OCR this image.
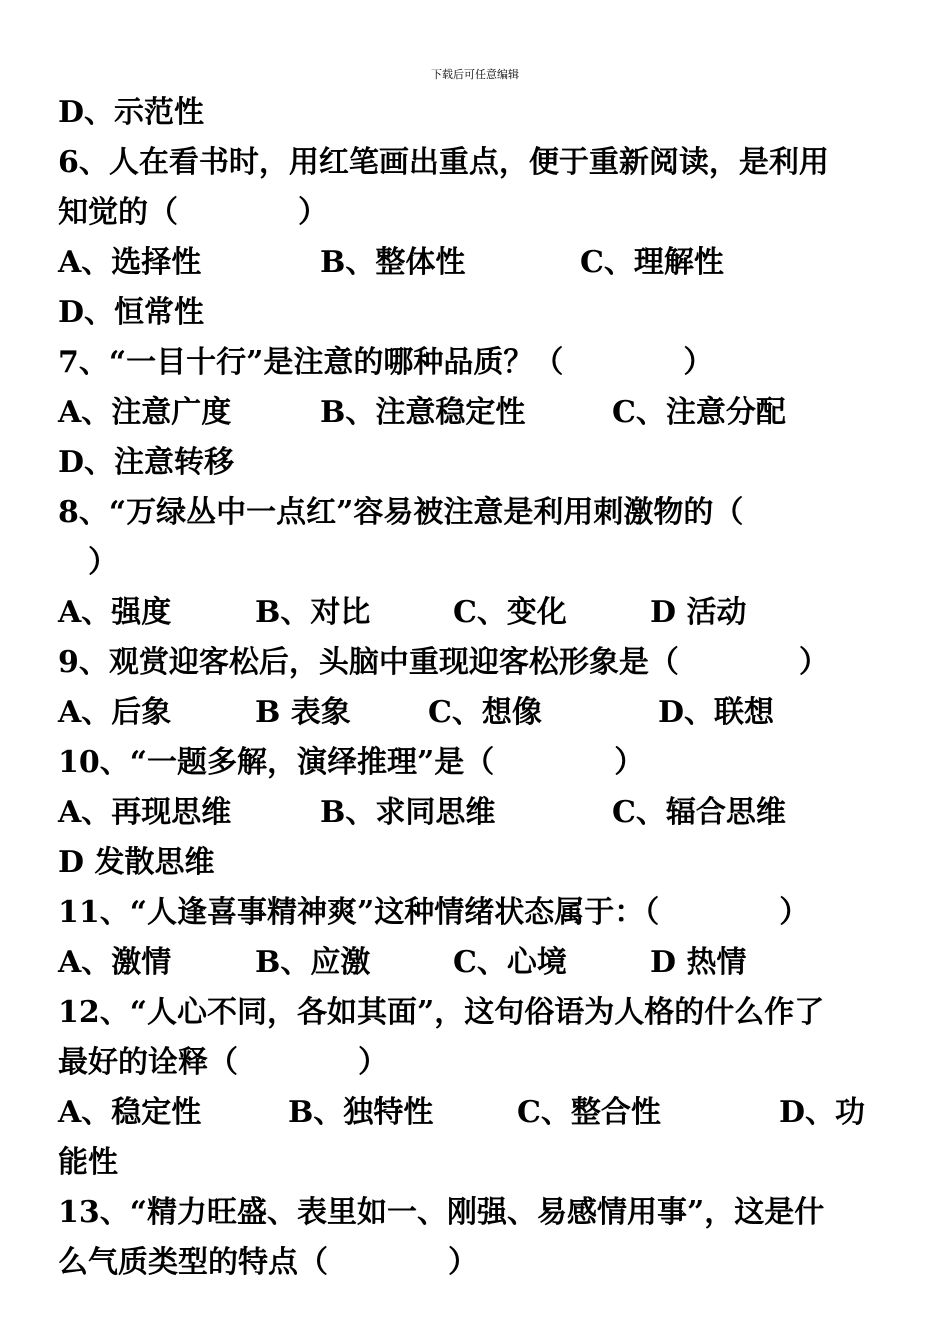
下载后可任意编辑
D、示范性
6、人在看书时，用红笔画出重点，便于重新阅读，是利用
知觉的（　　　　）
A、选择性	B、整体性	C、理解性
D、恒常性
7、“一目十行”是注意的哪种品质？（　　　　）
A、注意广度	B、注意稳定性	C、注意分配
D、注意转移
8、“万绿丛中一点红”容易被注意是利用刺激物的（
　）
A、强度	B、对比	C、变化	D 活动
9、观赏迎客松后，头脑中重现迎客松形象是（　　　　）
A、后象	B 表象	C、想像	D、联想
10、“一题多解，演绎推理”是（　　　　）
A、再现思维	B、求同思维	C、辐合思维
D 发散思维
11、“人逢喜事精神爽”这种情绪状态属于：（　　　　）
A、激情	B、应激	C、心境	D 热情
12、“人心不同，各如其面”，这句俗语为人格的什么作了
最好的诠释（　　　　）
A、稳定性	B、独特性	C、整合性	D、功
能性
13、“精力旺盛、表里如一、刚强、易感情用事”，这是什
么气质类型的特点（　　　　）
